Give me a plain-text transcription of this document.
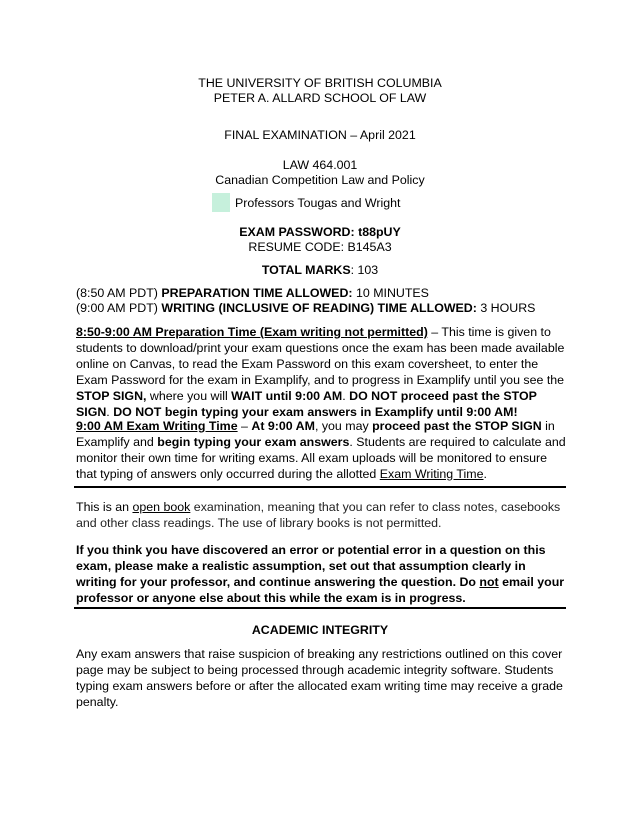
THE UNIVERSITY OF BRITISH COLUMBIA
PETER A. ALLARD SCHOOL OF LAW
FINAL EXAMINATION – April 2021
LAW 464.001
Canadian Competition Law and Policy
Professors Tougas and Wright
EXAM PASSWORD: t88pUY
RESUME CODE: B145A3
TOTAL MARKS: 103
(8:50 AM PDT) PREPARATION TIME ALLOWED: 10 MINUTES
(9:00 AM PDT) WRITING (INCLUSIVE OF READING) TIME ALLOWED: 3 HOURS
8:50-9:00 AM Preparation Time (Exam writing not permitted) – This time is given to students to download/print your exam questions once the exam has been made available online on Canvas, to read the Exam Password on this exam coversheet, to enter the Exam Password for the exam in Examplify, and to progress in Examplify until you see the STOP SIGN, where you will WAIT until 9:00 AM. DO NOT proceed past the STOP SIGN. DO NOT begin typing your exam answers in Examplify until 9:00 AM!
9:00 AM Exam Writing Time – At 9:00 AM, you may proceed past the STOP SIGN in Examplify and begin typing your exam answers. Students are required to calculate and monitor their own time for writing exams. All exam uploads will be monitored to ensure that typing of answers only occurred during the allotted Exam Writing Time.
This is an open book examination, meaning that you can refer to class notes, casebooks and other class readings. The use of library books is not permitted.
If you think you have discovered an error or potential error in a question on this exam, please make a realistic assumption, set out that assumption clearly in writing for your professor, and continue answering the question. Do not email your professor or anyone else about this while the exam is in progress.
ACADEMIC INTEGRITY
Any exam answers that raise suspicion of breaking any restrictions outlined on this cover page may be subject to being processed through academic integrity software. Students typing exam answers before or after the allocated exam writing time may receive a grade penalty.
